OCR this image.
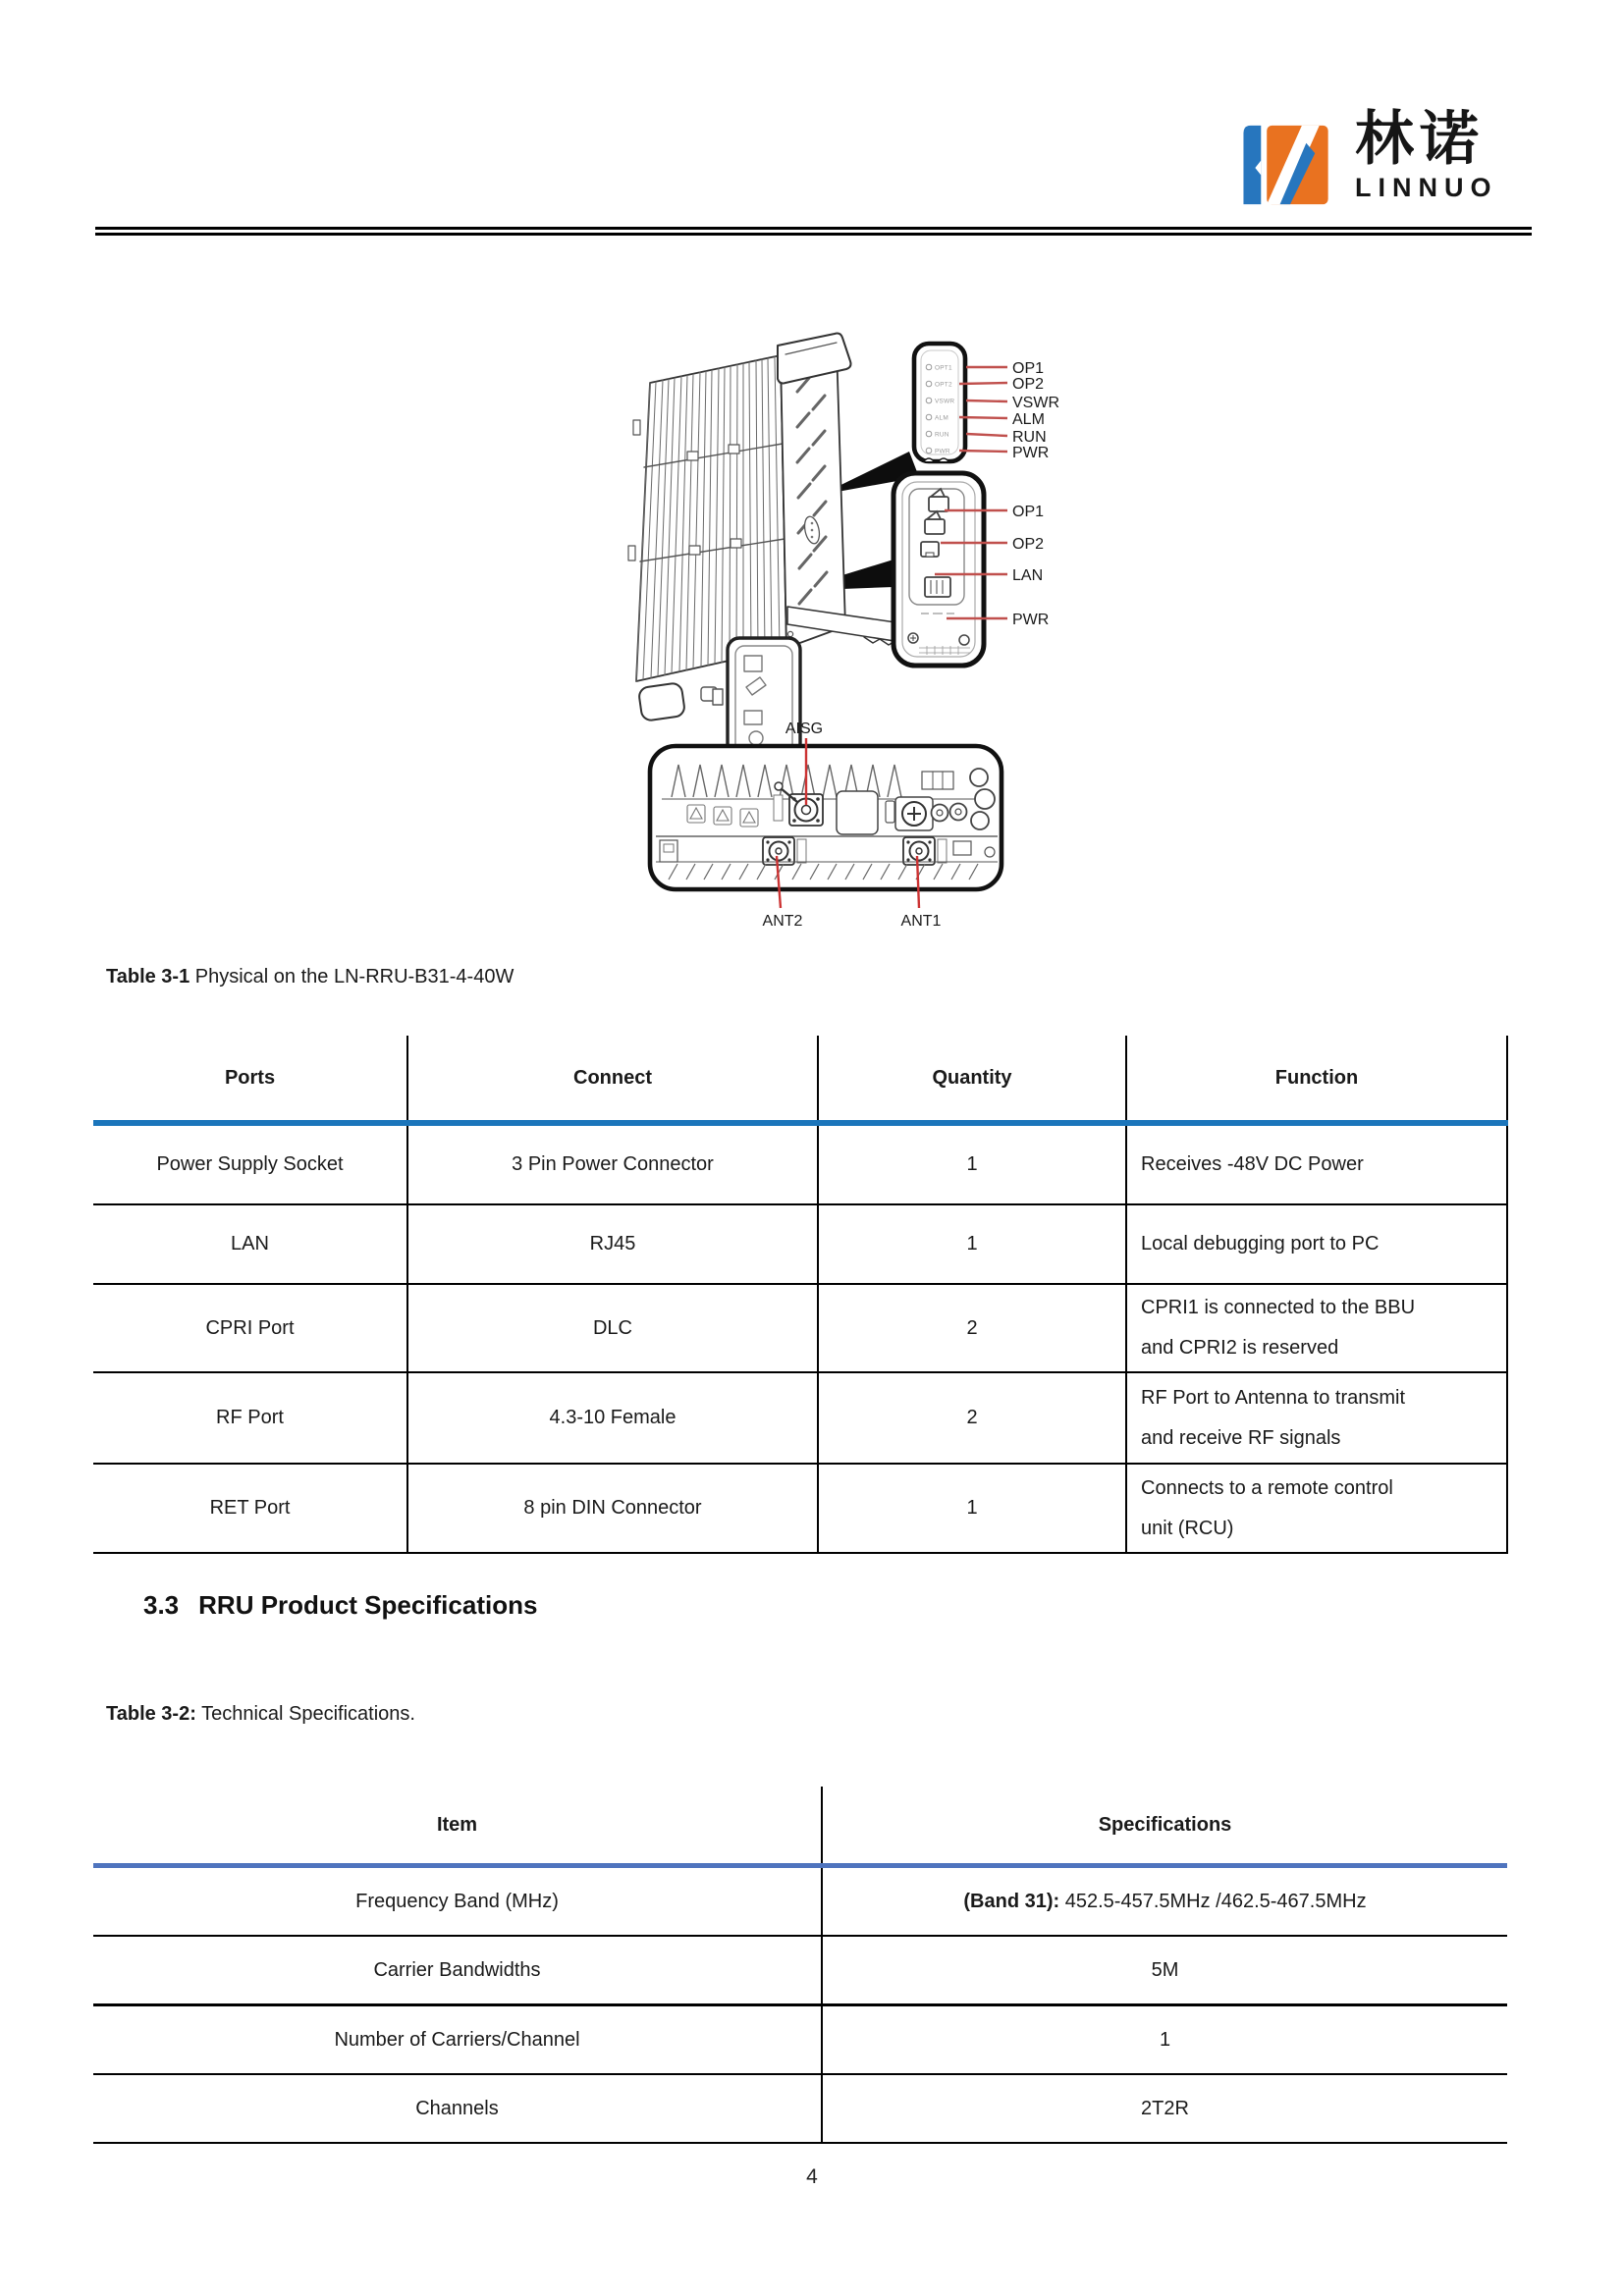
林诺
LINNUO
OPT1
OPT2
VSWR
ALM
RUN
PWR
OP1
OP2
VSWR
ALM
RUN
PWR
OP1
OP2
LAN
PWR
AISG
ANT2	ANT1
Table 3-1 Physical on the LN-RRU-B31-4-40W
Ports	Connect	Quantity	Function
Power Supply Socket	3 Pin Power Connector	1	Receives -48V DC Power
LAN	RJ45	1	Local debugging port to PC
CPRI Port	DLC	2	CPRI1 is connected to the BBU and CPRI2 is reserved
RF Port	4.3-10 Female	2	RF Port to Antenna to transmit and receive RF signals
RET Port	8 pin DIN Connector	1	Connects to a remote control unit (RCU)
3.3 RRU Product Specifications
Table 3-2: Technical Specifications.
Item	Specifications
Frequency Band (MHz)	(Band 31): 452.5-457.5MHz /462.5-467.5MHz
Carrier Bandwidths	5M
Number of Carriers/Channel	1
Channels	2T2R
4
